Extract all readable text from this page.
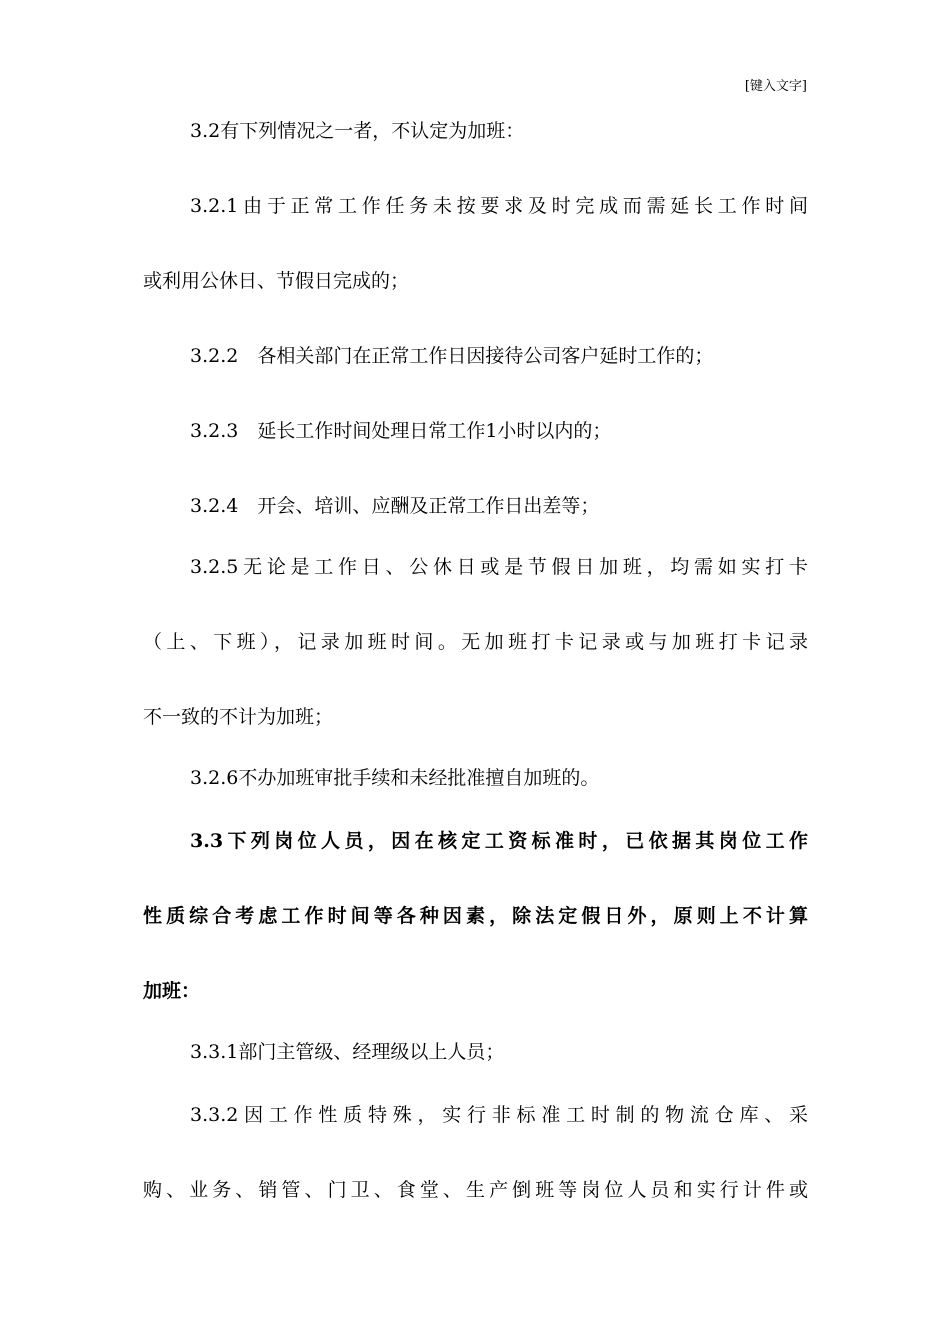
[键入文字]
3.2有下列情况之一者，不认定为加班：
3.2.1由于正常工作任务未按要求及时完成而需延长工作时间
或利用公休日、节假日完成的；
3.2.2　各相关部门在正常工作日因接待公司客户延时工作的；
3.2.3　延长工作时间处理日常工作1小时以内的；
3.2.4　开会、培训、应酬及正常工作日出差等；
3.2.5无论是工作日、公休日或是节假日加班，均需如实打卡
（上、下班），记录加班时间。无加班打卡记录或与加班打卡记录
不一致的不计为加班；
3.2.6不办加班审批手续和未经批准擅自加班的。
3.3下列岗位人员，因在核定工资标准时，已依据其岗位工作
性质综合考虑工作时间等各种因素，除法定假日外，原则上不计算
加班：
3.3.1部门主管级、经理级以上人员；
3.3.2因工作性质特殊，实行非标准工时制的物流仓库、采
购、业务、销管、门卫、食堂、生产倒班等岗位人员和实行计件或
